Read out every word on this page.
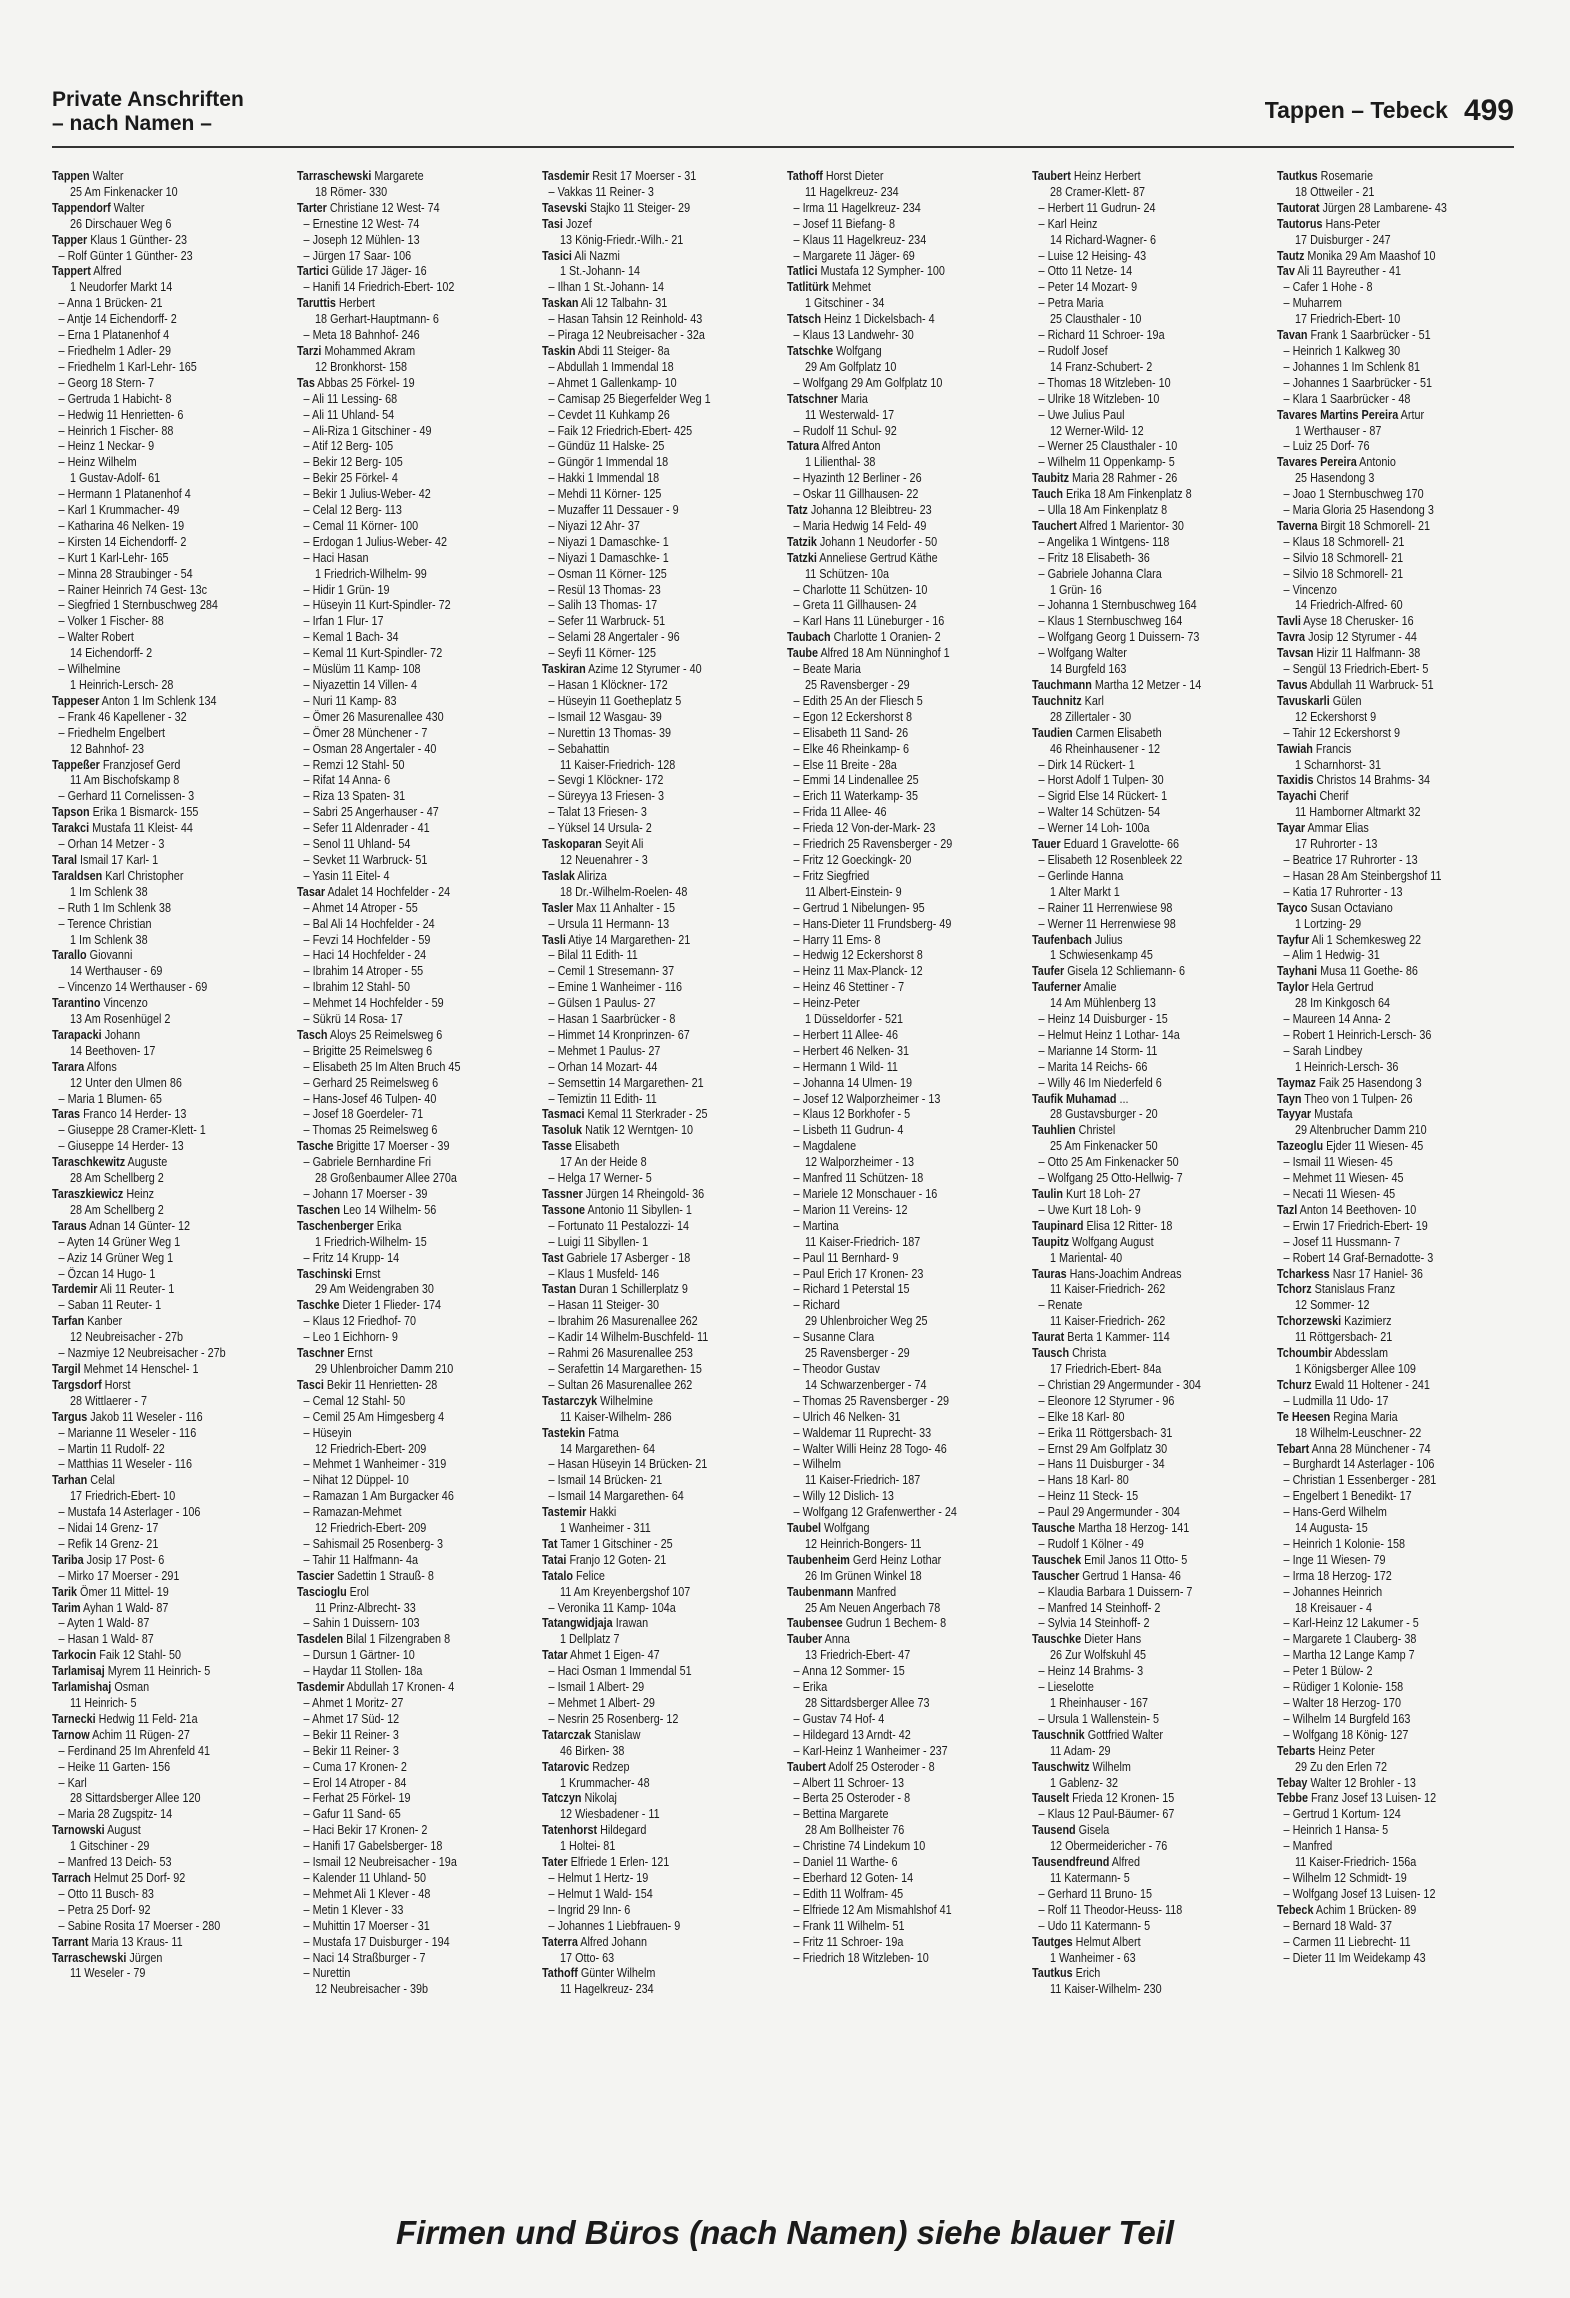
Private Anschriften
– nach Namen –
Tappen – Tebeck 499
Tappen Walter
25 Am Finkenacker 10
Tappendorf Walter
26 Dirschauer Weg 6
Tapper Klaus 1 Günther- 23
– Rolf Günter 1 Günther- 23
Tappert Alfred
1 Neudorfer Markt 14
– Anna 1 Brücken- 21
– Antje 14 Eichendorff- 2
– Erna 1 Platanenhof 4
– Friedhelm 1 Adler- 29
– Friedhelm 1 Karl-Lehr- 165
– Georg 18 Stern- 7
– Gertruda 1 Habicht- 8
– Hedwig 11 Henrietten- 6
– Heinrich 1 Fischer- 88
– Heinz 1 Neckar- 9
– Heinz Wilhelm
1 Gustav-Adolf- 61
– Hermann 1 Platanenhof 4
– Karl 1 Krummacher- 49
– Katharina 46 Nelken- 19
– Kirsten 14 Eichendorff- 2
– Kurt 1 Karl-Lehr- 165
– Minna 28 Straubinger - 54
– Rainer Heinrich 74 Gest- 13c
– Siegfried 1 Sternbuschweg 284
– Volker 1 Fischer- 88
– Walter Robert
14 Eichendorff- 2
– Wilhelmine
1 Heinrich-Lersch- 28
Tappeser Anton 1 Im Schlenk 134
– Frank 46 Kapellener - 32
– Friedhelm Engelbert
12 Bahnhof- 23
Tappeßer Franzjosef Gerd
11 Am Bischofskamp 8
– Gerhard 11 Cornelissen- 3
Tapson Erika 1 Bismarck- 155
Tarakci Mustafa 11 Kleist- 44
– Orhan 14 Metzer - 3
Taral Ismail 17 Karl- 1
Taraldsen Karl Christopher
1 Im Schlenk 38
– Ruth 1 Im Schlenk 38
– Terence Christian
1 Im Schlenk 38
Tarallo Giovanni
14 Werthauser - 69
– Vincenzo 14 Werthauser - 69
Tarantino Vincenzo
13 Am Rosenhügel 2
Tarapacki Johann
14 Beethoven- 17
Tarara Alfons
12 Unter den Ulmen 86
– Maria 1 Blumen- 65
Taras Franco 14 Herder- 13
– Giuseppe 28 Cramer-Klett- 1
– Giuseppe 14 Herder- 13
Taraschkewitz Auguste
28 Am Schellberg 2
Taraszkiewicz Heinz
28 Am Schellberg 2
Taraus Adnan 14 Günter- 12
– Ayten 14 Grüner Weg 1
– Aziz 14 Grüner Weg 1
– Özcan 14 Hugo- 1
Tardemir Ali 11 Reuter- 1
– Saban 11 Reuter- 1
Tarfan Kanber
12 Neubreisacher - 27b
– Nazmiye 12 Neubreisacher - 27b
Targil Mehmet 14 Henschel- 1
Targsdorf Horst
28 Wittlaerer - 7
Targus Jakob 11 Weseler - 116
– Marianne 11 Weseler - 116
– Martin 11 Rudolf- 22
– Matthias 11 Weseler - 116
Tarhan Celal
17 Friedrich-Ebert- 10
– Mustafa 14 Asterlager - 106
– Nidai 14 Grenz- 17
– Refik 14 Grenz- 21
Tariba Josip 17 Post- 6
– Mirko 17 Moerser - 291
Tarik Ömer 11 Mittel- 19
Tarim Ayhan 1 Wald- 87
– Ayten 1 Wald- 87
– Hasan 1 Wald- 87
Tarkocin Faik 12 Stahl- 50
Tarlamisaj Myrem 11 Heinrich- 5
Tarlamishaj Osman
11 Heinrich- 5
Tarnecki Hedwig 11 Feld- 21a
Tarnow Achim 11 Rügen- 27
– Ferdinand 25 Im Ahrenfeld 41
– Heike 11 Garten- 156
– Karl
28 Sittardsberger Allee 120
– Maria 28 Zugspitz- 14
Tarnowski August
1 Gitschiner - 29
– Manfred 13 Deich- 53
Tarrach Helmut 25 Dorf- 92
– Otto 11 Busch- 83
– Petra 25 Dorf- 92
– Sabine Rosita 17 Moerser - 280
Tarrant Maria 13 Kraus- 11
Tarraschewski Jürgen
11 Weseler - 79
Tarraschewski Margarete
18 Römer- 330
Tarter Christiane 12 West- 74
– Ernestine 12 West- 74
– Joseph 12 Mühlen- 13
– Jürgen 17 Saar- 106
Tartici Gülide 17 Jäger- 16
– Hanifi 14 Friedrich-Ebert- 102
Taruttis Herbert
18 Gerhart-Hauptmann- 6
– Meta 18 Bahnhof- 246
Tarzi Mohammed Akram
12 Bronkhorst- 158
Tas Abbas 25 Förkel- 19
– Ali 11 Lessing- 68
– Ali 11 Uhland- 54
– Ali-Riza 1 Gitschiner - 49
– Atif 12 Berg- 105
– Bekir 12 Berg- 105
– Bekir 25 Förkel- 4
– Bekir 1 Julius-Weber- 42
– Celal 12 Berg- 113
– Cemal 11 Körner- 100
– Erdogan 1 Julius-Weber- 42
– Haci Hasan
1 Friedrich-Wilhelm- 99
– Hidir 1 Grün- 19
– Hüseyin 11 Kurt-Spindler- 72
– Irfan 1 Flur- 17
– Kemal 1 Bach- 34
– Kemal 11 Kurt-Spindler- 72
– Müslüm 11 Kamp- 108
– Niyazettin 14 Villen- 4
– Nuri 11 Kamp- 83
– Ömer 26 Masurenallee 430
– Ömer 28 Münchener - 7
– Osman 28 Angertaler - 40
– Remzi 12 Stahl- 50
– Rifat 14 Anna- 6
– Riza 13 Spaten- 31
– Sabri 25 Angerhauser - 47
– Sefer 11 Aldenrader - 41
– Senol 11 Uhland- 54
– Sevket 11 Warbruck- 51
– Yasin 11 Eitel- 4
Tasar Adalet 14 Hochfelder - 24
– Ahmet 14 Atroper - 55
– Bal Ali 14 Hochfelder - 24
– Fevzi 14 Hochfelder - 59
– Haci 14 Hochfelder - 24
– Ibrahim 14 Atroper - 55
– Ibrahim 12 Stahl- 50
– Mehmet 14 Hochfelder - 59
– Sükrü 14 Rosa- 17
Tasch Aloys 25 Reimelsweg 6
– Brigitte 25 Reimelsweg 6
– Elisabeth 25 Im Alten Bruch 45
– Gerhard 25 Reimelsweg 6
– Hans-Josef 46 Tulpen- 40
– Josef 18 Goerdeler- 71
– Thomas 25 Reimelsweg 6
Tasche Brigitte 17 Moerser - 39
– Gabriele Bernhardine Fri
28 Großenbaumer Allee 270a
– Johann 17 Moerser - 39
Taschen Leo 14 Wilhelm- 56
Taschenberger Erika
1 Friedrich-Wilhelm- 15
– Fritz 14 Krupp- 14
Taschinski Ernst
29 Am Weidengraben 30
Taschke Dieter 1 Flieder- 174
– Klaus 12 Friedhof- 70
– Leo 1 Eichhorn- 9
Taschner Ernst
29 Uhlenbroicher Damm 210
Tasci Bekir 11 Henrietten- 28
– Cemal 12 Stahl- 50
– Cemil 25 Am Himgesberg 4
– Hüseyin
12 Friedrich-Ebert- 209
– Mehmet 1 Wanheimer - 319
– Nihat 12 Düppel- 10
– Ramazan 1 Am Burgacker 46
– Ramazan-Mehmet
12 Friedrich-Ebert- 209
– Sahismail 25 Rosenberg- 3
– Tahir 11 Halfmann- 4a
Tascier Sadettin 1 Strauß- 8
Tascioglu Erol
11 Prinz-Albrecht- 33
– Sahin 1 Duissern- 103
Tasdelen Bilal 1 Filzengraben 8
– Dursun 1 Gärtner- 10
– Haydar 11 Stollen- 18a
Tasdemir Abdullah 17 Kronen- 4
– Ahmet 1 Moritz- 27
– Ahmet 17 Süd- 12
– Bekir 11 Reiner- 3
– Bekir 11 Reiner- 3
– Cuma 17 Kronen- 2
– Erol 14 Atroper - 84
– Ferhat 25 Förkel- 19
– Gafur 11 Sand- 65
– Haci Bekir 17 Kronen- 2
– Hanifi 17 Gabelsberger- 18
– Ismail 12 Neubreisacher - 19a
– Kalender 11 Uhland- 50
– Mehmet Ali 1 Klever - 48
– Metin 1 Klever - 33
– Muhittin 17 Moerser - 31
– Mustafa 17 Duisburger - 194
– Naci 14 Straßburger - 7
– Nurettin
12 Neubreisacher - 39b
Tasdemir Resit 17 Moerser - 31
– Vakkas 11 Reiner- 3
Tasevski Stajko 11 Steiger- 29
Tasi Jozef
13 König-Friedr.-Wilh.- 21
Tasici Ali Nazmi
1 St.-Johann- 14
– Ilhan 1 St.-Johann- 14
Taskan Ali 12 Talbahn- 31
– Hasan Tahsin 12 Reinhold- 43
– Piraga 12 Neubreisacher - 32a
Taskin Abdi 11 Steiger- 8a
– Abdullah 1 Immendal 18
– Ahmet 1 Gallenkamp- 10
– Camisap 25 Biegerfelder Weg 1
– Cevdet 11 Kuhkamp 26
– Faik 12 Friedrich-Ebert- 425
– Gündüz 11 Halske- 25
– Güngör 1 Immendal 18
– Hakki 1 Immendal 18
– Mehdi 11 Körner- 125
– Muzaffer 11 Dessauer - 9
– Niyazi 12 Ahr- 37
– Niyazi 1 Damaschke- 1
– Niyazi 1 Damaschke- 1
– Osman 11 Körner- 125
– Resül 13 Thomas- 23
– Salih 13 Thomas- 17
– Sefer 11 Warbruck- 51
– Selami 28 Angertaler - 96
– Seyfi 11 Körner- 125
Taskiran Azime 12 Styrumer - 40
– Hasan 1 Klöckner- 172
– Hüseyin 11 Goetheplatz 5
– Ismail 12 Wasgau- 39
– Nurettin 13 Thomas- 39
– Sebahattin
11 Kaiser-Friedrich- 128
– Sevgi 1 Klöckner- 172
– Süreyya 13 Friesen- 3
– Talat 13 Friesen- 3
– Yüksel 14 Ursula- 2
Taskoparan Seyit Ali
12 Neuenahrer - 3
Taslak Aliriza
18 Dr.-Wilhelm-Roelen- 48
Tasler Max 11 Anhalter - 15
– Ursula 11 Hermann- 13
Tasli Atiye 14 Margarethen- 21
– Bilal 11 Edith- 11
– Cemil 1 Stresemann- 37
– Emine 1 Wanheimer - 116
– Gülsen 1 Paulus- 27
– Hasan 1 Saarbrücker - 8
– Himmet 14 Kronprinzen- 67
– Mehmet 1 Paulus- 27
– Orhan 14 Mozart- 44
– Semsettin 14 Margarethen- 21
– Temiztin 11 Edith- 11
Tasmaci Kemal 11 Sterkrader - 25
Tasoluk Natik 12 Werntgen- 10
Tasse Elisabeth
17 An der Heide 8
– Helga 17 Werner- 5
Tassner Jürgen 14 Rheingold- 36
Tassone Antonio 11 Sibyllen- 1
– Fortunato 11 Pestalozzi- 14
– Luigi 11 Sibyllen- 1
Tast Gabriele 17 Asberger - 18
– Klaus 1 Musfeld- 146
Tastan Duran 1 Schillerplatz 9
– Hasan 11 Steiger- 30
– Ibrahim 26 Masurenallee 262
– Kadir 14 Wilhelm-Buschfeld- 11
– Rahmi 26 Masurenallee 253
– Serafettin 14 Margarethen- 15
– Sultan 26 Masurenallee 262
Tastarczyk Wilhelmine
11 Kaiser-Wilhelm- 286
Tastekin Fatma
14 Margarethen- 64
– Hasan Hüseyin 14 Brücken- 21
– Ismail 14 Brücken- 21
– Ismail 14 Margarethen- 64
Tastemir Hakki
1 Wanheimer - 311
Tat Tamer 1 Gitschiner - 25
Tatai Franjo 12 Goten- 21
Tatalo Felice
11 Am Kreyenbergshof 107
– Veronika 11 Kamp- 104a
Tatangwidjaja Irawan
1 Dellplatz 7
Tatar Ahmet 1 Eigen- 47
– Haci Osman 1 Immendal 51
– Ismail 1 Albert- 29
– Mehmet 1 Albert- 29
– Nesrin 25 Rosenberg- 12
Tatarczak Stanislaw
46 Birken- 38
Tatarovic Redzep
1 Krummacher- 48
Tatczyn Nikolaj
12 Wiesbadener - 11
Tatenhorst Hildegard
1 Holtei- 81
Tater Elfriede 1 Erlen- 121
– Helmut 1 Hertz- 19
– Helmut 1 Wald- 154
– Ingrid 29 Inn- 6
– Johannes 1 Liebfrauen- 9
Taterra Alfred Johann
17 Otto- 63
Tathoff Günter Wilhelm
11 Hagelkreuz- 234
Tathoff Horst Dieter
11 Hagelkreuz- 234
– Irma 11 Hagelkreuz- 234
– Josef 11 Biefang- 8
– Klaus 11 Hagelkreuz- 234
– Margarete 11 Jäger- 69
Tatlici Mustafa 12 Sympher- 100
Tatlitürk Mehmet
1 Gitschiner - 34
Tatsch Heinz 1 Dickelsbach- 4
– Klaus 13 Landwehr- 30
Tatschke Wolfgang
29 Am Golfplatz 10
– Wolfgang 29 Am Golfplatz 10
Tatschner Maria
11 Westerwald- 17
– Rudolf 11 Schul- 92
Tatura Alfred Anton
1 Lilienthal- 38
– Hyazinth 12 Berliner - 26
– Oskar 11 Gillhausen- 22
Tatz Johanna 12 Bleibtreu- 23
– Maria Hedwig 14 Feld- 49
Tatzik Johann 1 Neudorfer - 50
Tatzki Anneliese Gertrud Käthe
11 Schützen- 10a
– Charlotte 11 Schützen- 10
– Greta 11 Gillhausen- 24
– Karl Hans 11 Lüneburger - 16
Taubach Charlotte 1 Oranien- 2
Taube Alfred 18 Am Nünninghof 1
– Beate Maria
25 Ravensberger - 29
– Edith 25 An der Fliesch 5
– Egon 12 Eckershorst 8
– Elisabeth 11 Sand- 26
– Elke 46 Rheinkamp- 6
– Else 11 Breite - 28a
– Emmi 14 Lindenallee 25
– Erich 11 Waterkamp- 35
– Frida 11 Allee- 46
– Frieda 12 Von-der-Mark- 23
– Friedrich 25 Ravensberger - 29
– Fritz 12 Goeckingk- 20
– Fritz Siegfried
11 Albert-Einstein- 9
– Gertrud 1 Nibelungen- 95
– Hans-Dieter 11 Frundsberg- 49
– Harry 11 Ems- 8
– Hedwig 12 Eckershorst 8
– Heinz 11 Max-Planck- 12
– Heinz 46 Stettiner - 7
– Heinz-Peter
1 Düsseldorfer - 521
– Herbert 11 Allee- 46
– Herbert 46 Nelken- 31
– Hermann 1 Wild- 11
– Johanna 14 Ulmen- 19
– Josef 12 Walporzheimer - 13
– Klaus 12 Borkhofer - 5
– Lisbeth 11 Gudrun- 4
– Magdalene
12 Walporzheimer - 13
– Manfred 11 Schützen- 18
– Mariele 12 Monschauer - 16
– Marion 11 Vereins- 12
– Martina
11 Kaiser-Friedrich- 187
– Paul 11 Bernhard- 9
– Paul Erich 17 Kronen- 23
– Richard 1 Peterstal 15
– Richard
29 Uhlenbroicher Weg 25
– Susanne Clara
25 Ravensberger - 29
– Theodor Gustav
14 Schwarzenberger - 74
– Thomas 25 Ravensberger - 29
– Ulrich 46 Nelken- 31
– Waldemar 11 Ruprecht- 33
– Walter Willi Heinz 28 Togo- 46
– Wilhelm
11 Kaiser-Friedrich- 187
– Willy 12 Dislich- 13
– Wolfgang 12 Grafenwerther - 24
Taubel Wolfgang
12 Heinrich-Bongers- 11
Taubenheim Gerd Heinz Lothar
26 Im Grünen Winkel 18
Taubenmann Manfred
25 Am Neuen Angerbach 78
Taubensee Gudrun 1 Bechem- 8
Tauber Anna
13 Friedrich-Ebert- 47
– Anna 12 Sommer- 15
– Erika
28 Sittardsberger Allee 73
– Gustav 74 Hof- 4
– Hildegard 13 Arndt- 42
– Karl-Heinz 1 Wanheimer - 237
Taubert Adolf 25 Osteroder - 8
– Albert 11 Schroer- 13
– Berta 25 Osteroder - 8
– Bettina Margarete
28 Am Bollheister 76
– Christine 74 Lindekum 10
– Daniel 11 Warthe- 6
– Eberhard 12 Goten- 14
– Edith 11 Wolfram- 45
– Elfriede 12 Am Mismahlshof 41
– Frank 11 Wilhelm- 51
– Fritz 11 Schroer- 19a
– Friedrich 18 Witzleben- 10
Taubert Heinz Herbert
28 Cramer-Klett- 87
– Herbert 11 Gudrun- 24
– Karl Heinz
14 Richard-Wagner- 6
– Luise 12 Heising- 43
– Otto 11 Netze- 14
– Peter 14 Mozart- 9
– Petra Maria
25 Clausthaler - 10
– Richard 11 Schroer- 19a
– Rudolf Josef
14 Franz-Schubert- 2
– Thomas 18 Witzleben- 10
– Ulrike 18 Witzleben- 10
– Uwe Julius Paul
12 Werner-Wild- 12
– Werner 25 Clausthaler - 10
– Wilhelm 11 Oppenkamp- 5
Taubitz Maria 28 Rahmer - 26
Tauch Erika 18 Am Finkenplatz 8
– Ulla 18 Am Finkenplatz 8
Tauchert Alfred 1 Marientor- 30
– Angelika 1 Wintgens- 118
– Fritz 18 Elisabeth- 36
– Gabriele Johanna Clara
1 Grün- 16
– Johanna 1 Sternbuschweg 164
– Klaus 1 Sternbuschweg 164
– Wolfgang Georg 1 Duissern- 73
– Wolfgang Walter
14 Burgfeld 163
Tauchmann Martha 12 Metzer - 14
Tauchnitz Karl
28 Zillertaler - 30
Taudien Carmen Elisabeth
46 Rheinhausener - 12
– Dirk 14 Rückert- 1
– Horst Adolf 1 Tulpen- 30
– Sigrid Else 14 Rückert- 1
– Walter 14 Schützen- 54
– Werner 14 Loh- 100a
Tauer Eduard 1 Gravelotte- 66
– Elisabeth 12 Rosenbleek 22
– Gerlinde Hanna
1 Alter Markt 1
– Rainer 11 Herrenwiese 98
– Werner 11 Herrenwiese 98
Taufenbach Julius
1 Schwiesenkamp 45
Taufer Gisela 12 Schliemann- 6
Tauferner Amalie
14 Am Mühlenberg 13
– Heinz 14 Duisburger - 15
– Helmut Heinz 1 Lothar- 14a
– Marianne 14 Storm- 11
– Marita 14 Reichs- 66
– Willy 46 Im Niederfeld 6
Taufik Muhamad ...
28 Gustavsburger - 20
Tauhlien Christel
25 Am Finkenacker 50
– Otto 25 Am Finkenacker 50
– Wolfgang 25 Otto-Hellwig- 7
Taulin Kurt 18 Loh- 27
– Uwe Kurt 18 Loh- 9
Taupinard Elisa 12 Ritter- 18
Taupitz Wolfgang August
1 Mariental- 40
Tauras Hans-Joachim Andreas
11 Kaiser-Friedrich- 262
– Renate
11 Kaiser-Friedrich- 262
Taurat Berta 1 Kammer- 114
Tausch Christa
17 Friedrich-Ebert- 84a
– Christian 29 Angermunder - 304
– Eleonore 12 Styrumer - 96
– Elke 18 Karl- 80
– Erika 11 Röttgersbach- 31
– Ernst 29 Am Golfplatz 30
– Hans 11 Duisburger - 34
– Hans 18 Karl- 80
– Heinz 11 Steck- 15
– Paul 29 Angermunder - 304
Tausche Martha 18 Herzog- 141
– Rudolf 1 Kölner - 49
Tauschek Emil Janos 11 Otto- 5
Tauscher Gertrud 1 Hansa- 46
– Klaudia Barbara 1 Duissern- 7
– Manfred 14 Steinhoff- 2
– Sylvia 14 Steinhoff- 2
Tauschke Dieter Hans
26 Zur Wolfskuhl 45
– Heinz 14 Brahms- 3
– Lieselotte
1 Rheinhauser - 167
– Ursula 1 Wallenstein- 5
Tauschnik Gottfried Walter
11 Adam- 29
Tauschwitz Wilhelm
1 Gablenz- 32
Tauselt Frieda 12 Kronen- 15
– Klaus 12 Paul-Bäumer- 67
Tausend Gisela
12 Obermeidericher - 76
Tausendfreund Alfred
11 Katermann- 5
– Gerhard 11 Bruno- 15
– Rolf 11 Theodor-Heuss- 118
– Udo 11 Katermann- 5
Tautges Helmut Albert
1 Wanheimer - 63
Tautkus Erich
11 Kaiser-Wilhelm- 230
Tautkus Rosemarie
18 Ottweiler - 21
Tautorat Jürgen 28 Lambarene- 43
Tautorus Hans-Peter
17 Duisburger - 247
Tautz Monika 29 Am Maashof 10
Tav Ali 11 Bayreuther - 41
– Cafer 1 Hohe - 8
– Muharrem
17 Friedrich-Ebert- 10
Tavan Frank 1 Saarbrücker - 51
– Heinrich 1 Kalkweg 30
– Johannes 1 Im Schlenk 81
– Johannes 1 Saarbrücker - 51
– Klara 1 Saarbrücker - 48
Tavares Martins Pereira Artur
1 Werthauser - 87
– Luiz 25 Dorf- 76
Tavares Pereira Antonio
25 Hasendong 3
– Joao 1 Sternbuschweg 170
– Maria Gloria 25 Hasendong 3
Taverna Birgit 18 Schmorell- 21
– Klaus 18 Schmorell- 21
– Silvio 18 Schmorell- 21
– Silvio 18 Schmorell- 21
– Vincenzo
14 Friedrich-Alfred- 60
Tavli Ayse 18 Cherusker- 16
Tavra Josip 12 Styrumer - 44
Tavsan Hizir 11 Halfmann- 38
– Sengül 13 Friedrich-Ebert- 5
Tavus Abdullah 11 Warbruck- 51
Tavuskarli Gülen
12 Eckershorst 9
– Tahir 12 Eckershorst 9
Tawiah Francis
1 Scharnhorst- 31
Taxidis Christos 14 Brahms- 34
Tayachi Cherif
11 Hamborner Altmarkt 32
Tayar Ammar Elias
17 Ruhrorter - 13
– Beatrice 17 Ruhrorter - 13
– Hasan 28 Am Steinbergshof 11
– Katia 17 Ruhrorter - 13
Tayco Susan Octaviano
1 Lortzing- 29
Tayfur Ali 1 Schemkesweg 22
– Alim 1 Hedwig- 31
Tayhani Musa 11 Goethe- 86
Taylor Hela Gertrud
28 Im Kinkgosch 64
– Maureen 14 Anna- 2
– Robert 1 Heinrich-Lersch- 36
– Sarah Lindbey
1 Heinrich-Lersch- 36
Taymaz Faik 25 Hasendong 3
Tayn Theo von 1 Tulpen- 26
Tayyar Mustafa
29 Altenbrucher Damm 210
Tazeoglu Ejder 11 Wiesen- 45
– Ismail 11 Wiesen- 45
– Mehmet 11 Wiesen- 45
– Necati 11 Wiesen- 45
Tazl Anton 14 Beethoven- 10
– Erwin 17 Friedrich-Ebert- 19
– Josef 11 Hussmann- 7
– Robert 14 Graf-Bernadotte- 3
Tcharkess Nasr 17 Haniel- 36
Tchorz Stanislaus Franz
12 Sommer- 12
Tchorzewski Kazimierz
11 Röttgersbach- 21
Tchoumbir Abdesslam
1 Königsberger Allee 109
Tchurz Ewald 11 Holtener - 241
– Ludmilla 11 Udo- 17
Te Heesen Regina Maria
18 Wilhelm-Leuschner- 22
Tebart Anna 28 Münchener - 74
– Burghardt 14 Asterlager - 106
– Christian 1 Essenberger - 281
– Engelbert 1 Benedikt- 17
– Hans-Gerd Wilhelm
14 Augusta- 15
– Heinrich 1 Kolonie- 158
– Inge 11 Wiesen- 79
– Irma 18 Herzog- 172
– Johannes Heinrich
18 Kreisauer - 4
– Karl-Heinz 12 Lakumer - 5
– Margarete 1 Clauberg- 38
– Martha 12 Lange Kamp 7
– Peter 1 Bülow- 2
– Rüdiger 1 Kolonie- 158
– Walter 18 Herzog- 170
– Wilhelm 14 Burgfeld 163
– Wolfgang 18 König- 127
Tebarts Heinz Peter
29 Zu den Erlen 72
Tebay Walter 12 Brohler - 13
Tebbe Franz Josef 13 Luisen- 12
– Gertrud 1 Kortum- 124
– Heinrich 1 Hansa- 5
– Manfred
11 Kaiser-Friedrich- 156a
– Wilhelm 12 Schmidt- 19
– Wolfgang Josef 13 Luisen- 12
Tebeck Achim 1 Brücken- 89
– Bernard 18 Wald- 37
– Carmen 11 Liebrecht- 11
– Dieter 11 Im Weidekamp 43
Firmen und Büros (nach Namen) siehe blauer Teil
